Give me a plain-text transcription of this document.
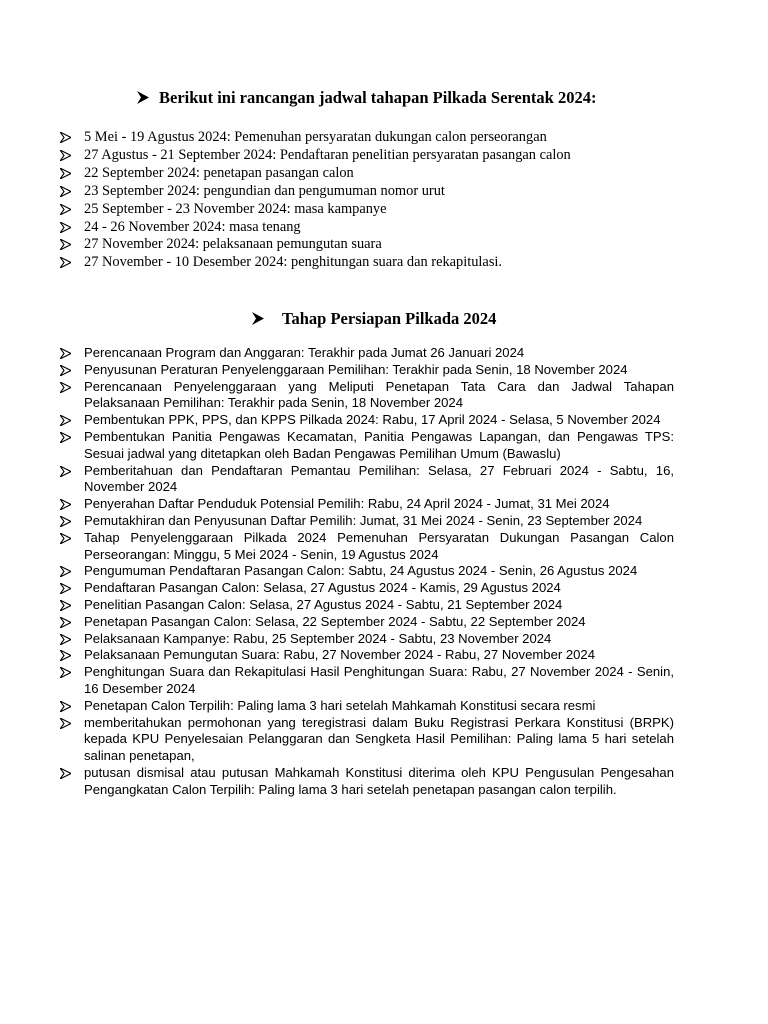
Berikut ini rancangan jadwal tahapan Pilkada Serentak 2024:
5 Mei - 19 Agustus 2024: Pemenuhan persyaratan dukungan calon perseorangan
27 Agustus - 21 September 2024: Pendaftaran penelitian persyaratan pasangan calon
22 September 2024: penetapan pasangan calon
23 September 2024: pengundian dan pengumuman nomor urut
25 September - 23 November 2024: masa kampanye
24 - 26 November 2024: masa tenang
27 November 2024: pelaksanaan pemungutan suara
27 November - 10 Desember 2024: penghitungan suara dan rekapitulasi.
Tahap Persiapan Pilkada 2024
Perencanaan Program dan Anggaran: Terakhir pada Jumat 26 Januari 2024
Penyusunan Peraturan Penyelenggaraan Pemilihan: Terakhir pada Senin, 18 November 2024
Perencanaan Penyelenggaraan yang Meliputi Penetapan Tata Cara dan Jadwal Tahapan Pelaksanaan Pemilihan: Terakhir pada Senin, 18 November 2024
Pembentukan PPK, PPS, dan KPPS Pilkada 2024: Rabu, 17 April 2024 - Selasa, 5 November 2024
Pembentukan Panitia Pengawas Kecamatan, Panitia Pengawas Lapangan, dan Pengawas TPS: Sesuai jadwal yang ditetapkan oleh Badan Pengawas Pemilihan Umum (Bawaslu)
Pemberitahuan dan Pendaftaran Pemantau Pemilihan: Selasa, 27 Februari 2024 - Sabtu, 16, November 2024
Penyerahan Daftar Penduduk Potensial Pemilih: Rabu, 24 April 2024 - Jumat, 31 Mei 2024
Pemutakhiran dan Penyusunan Daftar Pemilih: Jumat, 31 Mei 2024 - Senin, 23 September 2024
Tahap Penyelenggaraan Pilkada 2024 Pemenuhan Persyaratan Dukungan Pasangan Calon Perseorangan: Minggu, 5 Mei 2024 - Senin, 19 Agustus 2024
Pengumuman Pendaftaran Pasangan Calon: Sabtu, 24 Agustus 2024 - Senin, 26 Agustus 2024
Pendaftaran Pasangan Calon: Selasa, 27 Agustus 2024 - Kamis, 29 Agustus 2024
Penelitian Pasangan Calon: Selasa, 27 Agustus 2024 - Sabtu, 21 September 2024
Penetapan Pasangan Calon: Selasa, 22 September 2024 - Sabtu, 22 September 2024
Pelaksanaan Kampanye: Rabu, 25 September 2024 - Sabtu, 23 November 2024
Pelaksanaan Pemungutan Suara: Rabu, 27 November 2024 - Rabu, 27 November 2024
Penghitungan Suara dan Rekapitulasi Hasil Penghitungan Suara: Rabu, 27 November 2024 - Senin, 16 Desember 2024
Penetapan Calon Terpilih: Paling lama 3 hari setelah Mahkamah Konstitusi secara resmi
memberitahukan permohonan yang teregistrasi dalam Buku Registrasi Perkara Konstitusi (BRPK) kepada KPU Penyelesaian Pelanggaran dan Sengketa Hasil Pemilihan: Paling lama 5 hari setelah salinan penetapan,
putusan dismisal atau putusan Mahkamah Konstitusi diterima oleh KPU Pengusulan Pengesahan Pengangkatan Calon Terpilih: Paling lama 3 hari setelah penetapan pasangan calon terpilih.
